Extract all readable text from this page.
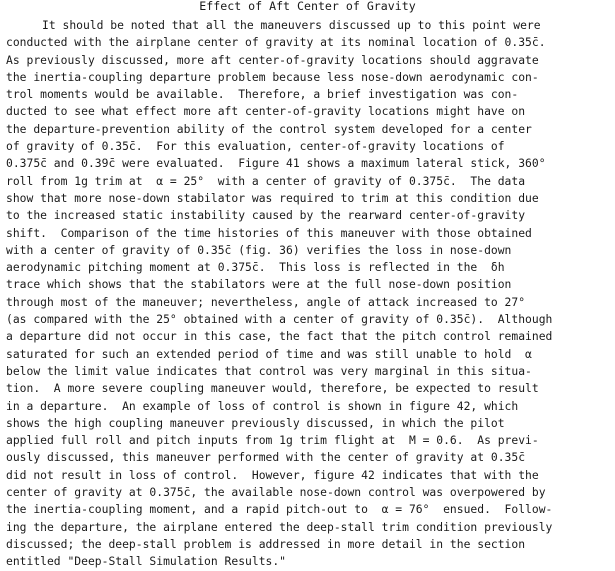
Effect of Aft Center of Gravity
It should be noted that all the maneuvers discussed up to this point were
conducted with the airplane center of gravity at its nominal location of 0.35c̄.
As previously discussed, more aft center-of-gravity locations should aggravate
the inertia-coupling departure problem because less nose-down aerodynamic con-
trol moments would be available.  Therefore, a brief investigation was con-
ducted to see what effect more aft center-of-gravity locations might have on
the departure-prevention ability of the control system developed for a center
of gravity of 0.35c̄.  For this evaluation, center-of-gravity locations of
0.375c̄ and 0.39c̄ were evaluated.  Figure 41 shows a maximum lateral stick, 360°
roll from 1g trim at  α = 25°  with a center of gravity of 0.375c̄.  The data
show that more nose-down stabilator was required to trim at this condition due
to the increased static instability caused by the rearward center-of-gravity
shift.  Comparison of the time histories of this maneuver with those obtained
with a center of gravity of 0.35c̄ (fig. 36) verifies the loss in nose-down
aerodynamic pitching moment at 0.375c̄.  This loss is reflected in the  δh
trace which shows that the stabilators were at the full nose-down position
through most of the maneuver; nevertheless, angle of attack increased to 27°
(as compared with the 25° obtained with a center of gravity of 0.35c̄).  Although
a departure did not occur in this case, the fact that the pitch control remained
saturated for such an extended period of time and was still unable to hold  α
below the limit value indicates that control was very marginal in this situa-
tion.  A more severe coupling maneuver would, therefore, be expected to result
in a departure.  An example of loss of control is shown in figure 42, which
shows the high coupling maneuver previously discussed, in which the pilot
applied full roll and pitch inputs from 1g trim flight at  M = 0.6.  As previ-
ously discussed, this maneuver performed with the center of gravity at 0.35c̄
did not result in loss of control.  However, figure 42 indicates that with the
center of gravity at 0.375c̄, the available nose-down control was overpowered by
the inertia-coupling moment, and a rapid pitch-out to  α = 76°  ensued.  Follow-
ing the departure, the airplane entered the deep-stall trim condition previously
discussed; the deep-stall problem is addressed in more detail in the section
entitled "Deep-Stall Simulation Results."
